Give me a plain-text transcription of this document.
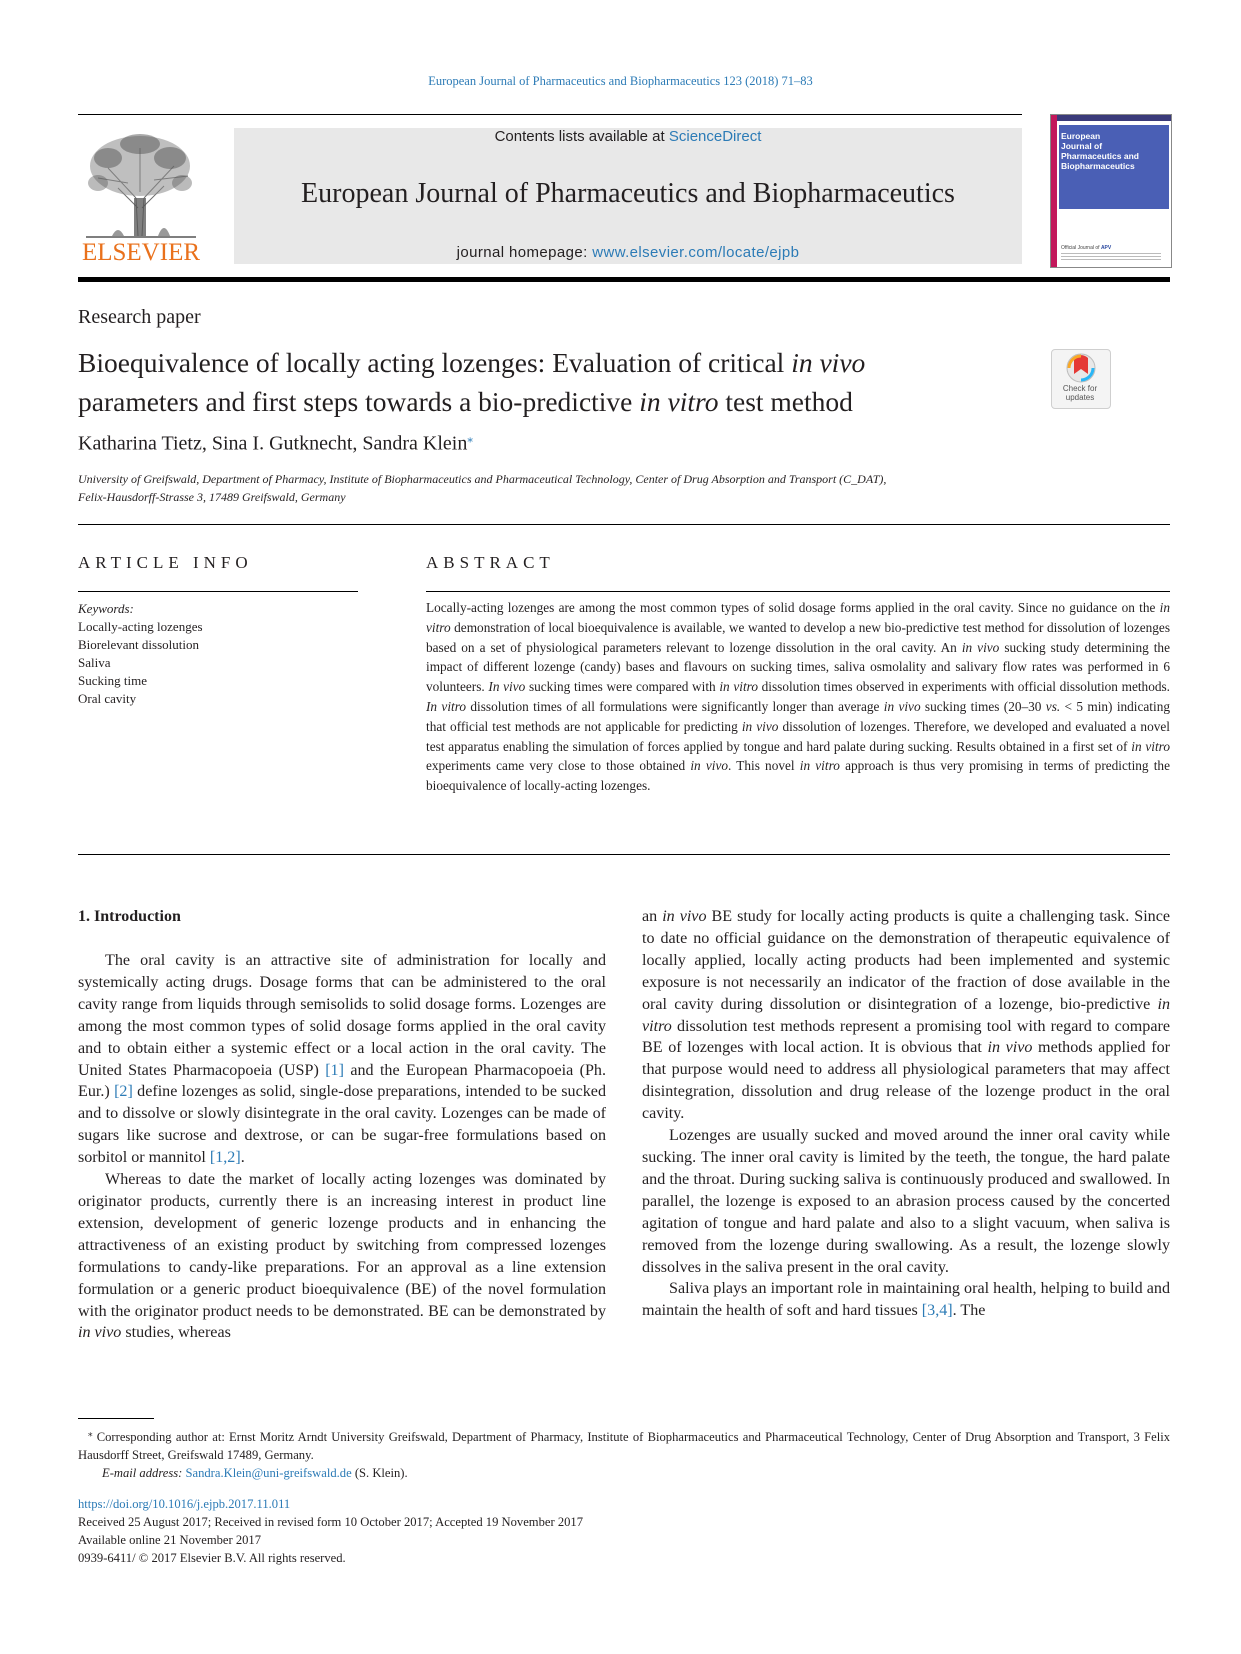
European Journal of Pharmaceutics and Biopharmaceutics 123 (2018) 71–83
ELSEVIER
Contents lists available at ScienceDirect
European Journal of Pharmaceutics and Biopharmaceutics
journal homepage: www.elsevier.com/locate/ejpb
European
Journal of
Pharmaceutics and
Biopharmaceutics
Official Journal of APV
Research paper
Bioequivalence of locally acting lozenges: Evaluation of critical in vivo
parameters and first steps towards a bio-predictive in vitro test method	Check for updates
Katharina Tietz, Sina I. Gutknecht, Sandra Klein⁎
University of Greifswald, Department of Pharmacy, Institute of Biopharmaceutics and Pharmaceutical Technology, Center of Drug Absorption and Transport (C_DAT),
Felix-Hausdorff-Strasse 3, 17489 Greifswald, Germany
ARTICLE INFO	ABSTRACT
Keywords:
Locally-acting lozenges
Biorelevant dissolution
Saliva
Sucking time
Oral cavity
Locally-acting lozenges are among the most common types of solid dosage forms applied in the oral cavity. Since no guidance on the in vitro demonstration of local bioequivalence is available, we wanted to develop a new bio-predictive test method for dissolution of lozenges based on a set of physiological parameters relevant to lozenge dissolution in the oral cavity. An in vivo sucking study determining the impact of different lozenge (candy) bases and flavours on sucking times, saliva osmolality and salivary flow rates was performed in 6 volunteers. In vivo sucking times were compared with in vitro dissolution times observed in experiments with official dissolution methods. In vitro dissolution times of all formulations were significantly longer than average in vivo sucking times (20–30 vs. < 5 min) indicating that official test methods are not applicable for predicting in vivo dissolution of lozenges. Therefore, we developed and evaluated a novel test apparatus enabling the simulation of forces applied by tongue and hard palate during sucking. Results obtained in a first set of in vitro experiments came very close to those obtained in vivo. This novel in vitro approach is thus very promising in terms of predicting the bioequivalence of locally-acting lozenges.
1. Introduction

The oral cavity is an attractive site of administration for locally and systemically acting drugs. Dosage forms that can be administered to the oral cavity range from liquids through semisolids to solid dosage forms. Lozenges are among the most common types of solid dosage forms applied in the oral cavity and to obtain either a systemic effect or a local action in the oral cavity. The United States Pharmacopoeia (USP) [1] and the European Pharmacopoeia (Ph. Eur.) [2] define lozenges as solid, single-dose preparations, intended to be sucked and to dissolve or slowly disintegrate in the oral cavity. Lozenges can be made of sugars like sucrose and dextrose, or can be sugar-free formulations based on sorbitol or mannitol [1,2].

Whereas to date the market of locally acting lozenges was dominated by originator products, currently there is an increasing interest in product line extension, development of generic lozenge products and in enhancing the attractiveness of an existing product by switching from compressed lozenges formulations to candy-like preparations. For an approval as a line extension formulation or a generic product bioequivalence (BE) of the novel formulation with the originator product needs to be demonstrated. BE can be demonstrated by in vivo studies, whereas

an in vivo BE study for locally acting products is quite a challenging task. Since to date no official guidance on the demonstration of therapeutic equivalence of locally applied, locally acting products had been implemented and systemic exposure is not necessarily an indicator of the fraction of dose available in the oral cavity during dissolution or disintegration of a lozenge, bio-predictive in vitro dissolution test methods represent a promising tool with regard to compare BE of lozenges with local action. It is obvious that in vivo methods applied for that purpose would need to address all physiological parameters that may affect disintegration, dissolution and drug release of the lozenge product in the oral cavity.

Lozenges are usually sucked and moved around the inner oral cavity while sucking. The inner oral cavity is limited by the teeth, the tongue, the hard palate and the throat. During sucking saliva is continuously produced and swallowed. In parallel, the lozenge is exposed to an abrasion process caused by the concerted agitation of tongue and hard palate and also to a slight vacuum, when saliva is removed from the lozenge during swallowing. As a result, the lozenge slowly dissolves in the saliva present in the oral cavity.

Saliva plays an important role in maintaining oral health, helping to build and maintain the health of soft and hard tissues [3,4]. The

⁎ Corresponding author at: Ernst Moritz Arndt University Greifswald, Department of Pharmacy, Institute of Biopharmaceutics and Pharmaceutical Technology, Center of Drug Absorption and Transport, 3 Felix Hausdorff Street, Greifswald 17489, Germany.

E-mail address: Sandra.Klein@uni-greifswald.de (S. Klein).

https://doi.org/10.1016/j.ejpb.2017.11.011

Received 25 August 2017; Received in revised form 10 October 2017; Accepted 19 November 2017

Available online 21 November 2017

0939-6411/ © 2017 Elsevier B.V. All rights reserved.
